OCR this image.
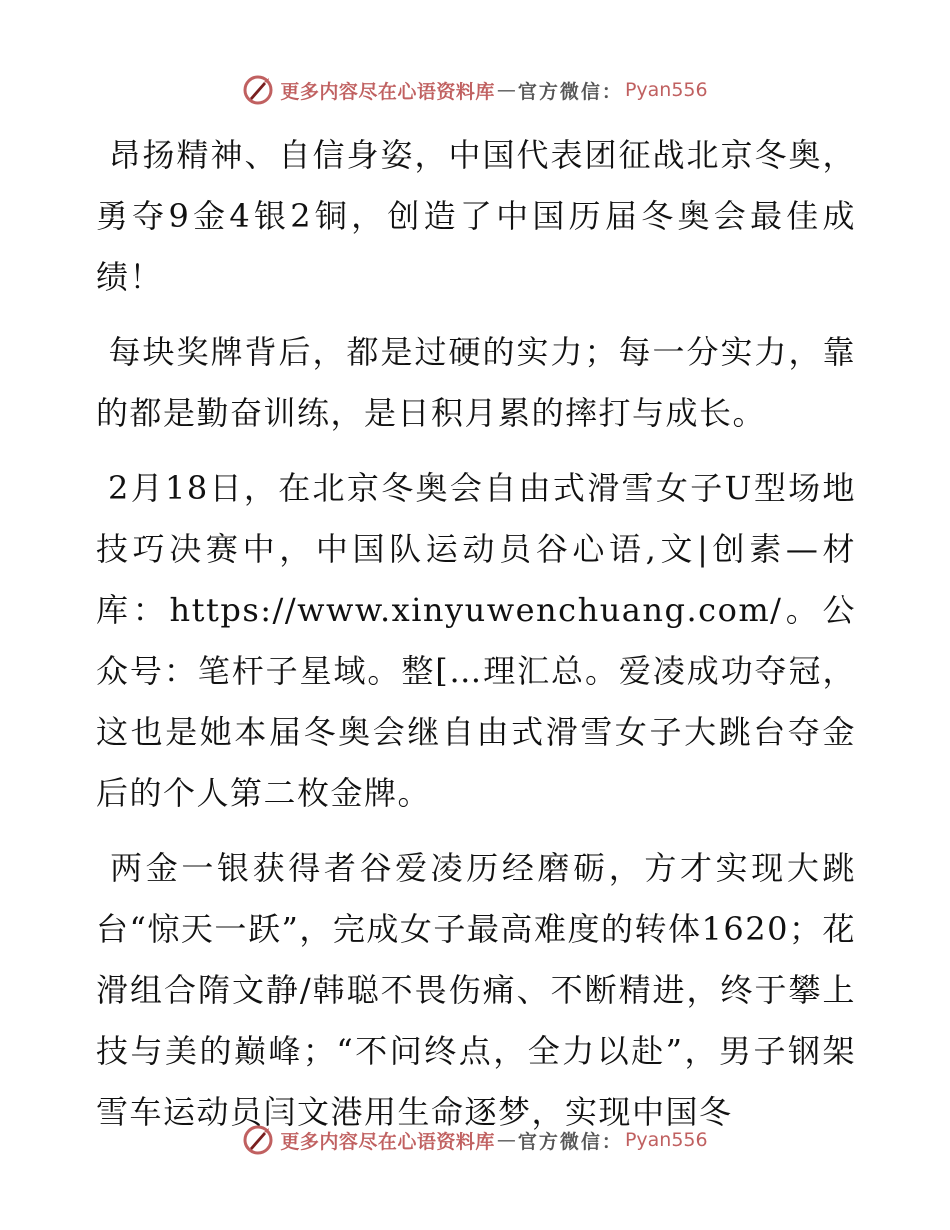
更多内容尽在心语资料库 — 官方微信 ： Pyan556

昂扬精神、自信身姿，中国代表团征战北京冬奥，勇夺9金4银2铜，创造了中国历届冬奥会最佳成绩！

每块奖牌背后，都是过硬的实力；每一分实力，靠的都是勤奋训练，是日积月累的摔打与成长。

2月18日，在北京冬奥会自由式滑雪女子U型场地技巧决赛中，中国队运动员谷心语,文|创素—材库：https://www.xinyuwenchuang.com/。公众号：笔杆子星域。整[…理汇总。爱凌成功夺冠，这也是她本届冬奥会继自由式滑雪女子大跳台夺金后的个人第二枚金牌。

两金一银获得者谷爱凌历经磨砺，方才实现大跳台“惊天一跃”，完成女子最高难度的转体1620；花滑组合隋文静/韩聪不畏伤痛、不断精进，终于攀上技与美的巅峰；“不问终点，全力以赴”，男子钢架雪车运动员闫文港用生命逐梦，实现中国冬

更多内容尽在心语资料库 — 官方微信 ： Pyan556
